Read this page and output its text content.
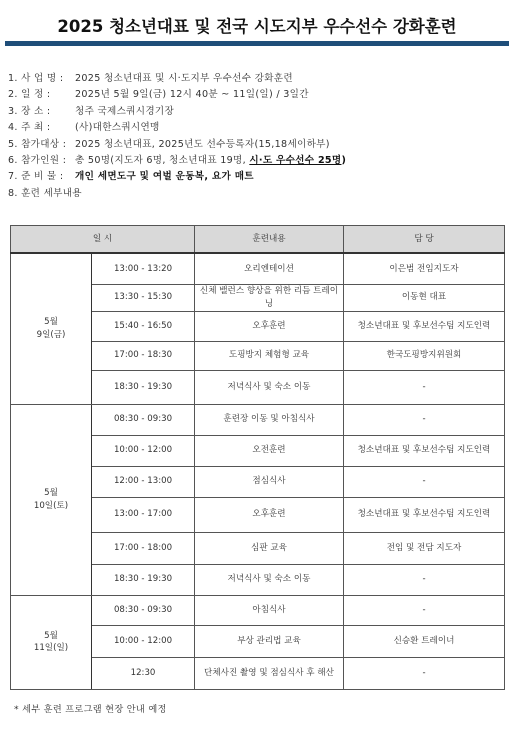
2025 청소년대표 및 전국 시도지부 우수선수 강화훈련
1. 사 업 명 : 2025 청소년대표 및 시·도지부 우수선수 강화훈련
2. 일 정 :	2025년 5월 9일(금) 12시 40분 ~ 11일(일) / 3일간
3. 장 소 :	청주 국제스쿼시경기장
4. 주 최 :	(사)대한스쿼시연맹
5. 참가대상 : 2025 청소년대표, 2025년도 선수등록자(15,18세이하부)
6. 참가인원 : 총 50명(지도자 6명, 청소년대표 19명, 시·도 우수선수 25명)
7. 준 비 물 : 개인 세면도구 및 여벌 운동복, 요가 매트
8. 훈련 세부내용
일 시		훈련내용	담 당
5월
9일(금)	13:00 - 13:20	오리엔테이션	이은범 전임지도자
	13:30 - 15:30	신체 밸런스 향상을 위한 리듬 트레이닝	이동현 대표
	15:40 - 16:50	오후훈련	청소년대표 및 후보선수팀 지도인력
	17:00 - 18:30	도핑방지 체험형 교육	한국도핑방지위원회
	18:30 - 19:30	저녁식사 및 숙소 이동	-
5월
10일(토)	08:30 - 09:30	훈련장 이동 및 아침식사	-
	10:00 - 12:00	오전훈련	청소년대표 및 후보선수팀 지도인력
	12:00 - 13:00	점심식사	-
	13:00 - 17:00	오후훈련	청소년대표 및 후보선수팀 지도인력
	17:00 - 18:00	심판 교육	전임 및 전담 지도자
	18:30 - 19:30	저녁식사 및 숙소 이동	-
5월
11일(일)	08:30 - 09:30	아침식사	-
	10:00 - 12:00	부상 관리법 교육	신승환 트레이너
	12:30	단체사진 촬영 및 점심식사 후 해산	-
* 세부 훈련 프로그램 현장 안내 예정
